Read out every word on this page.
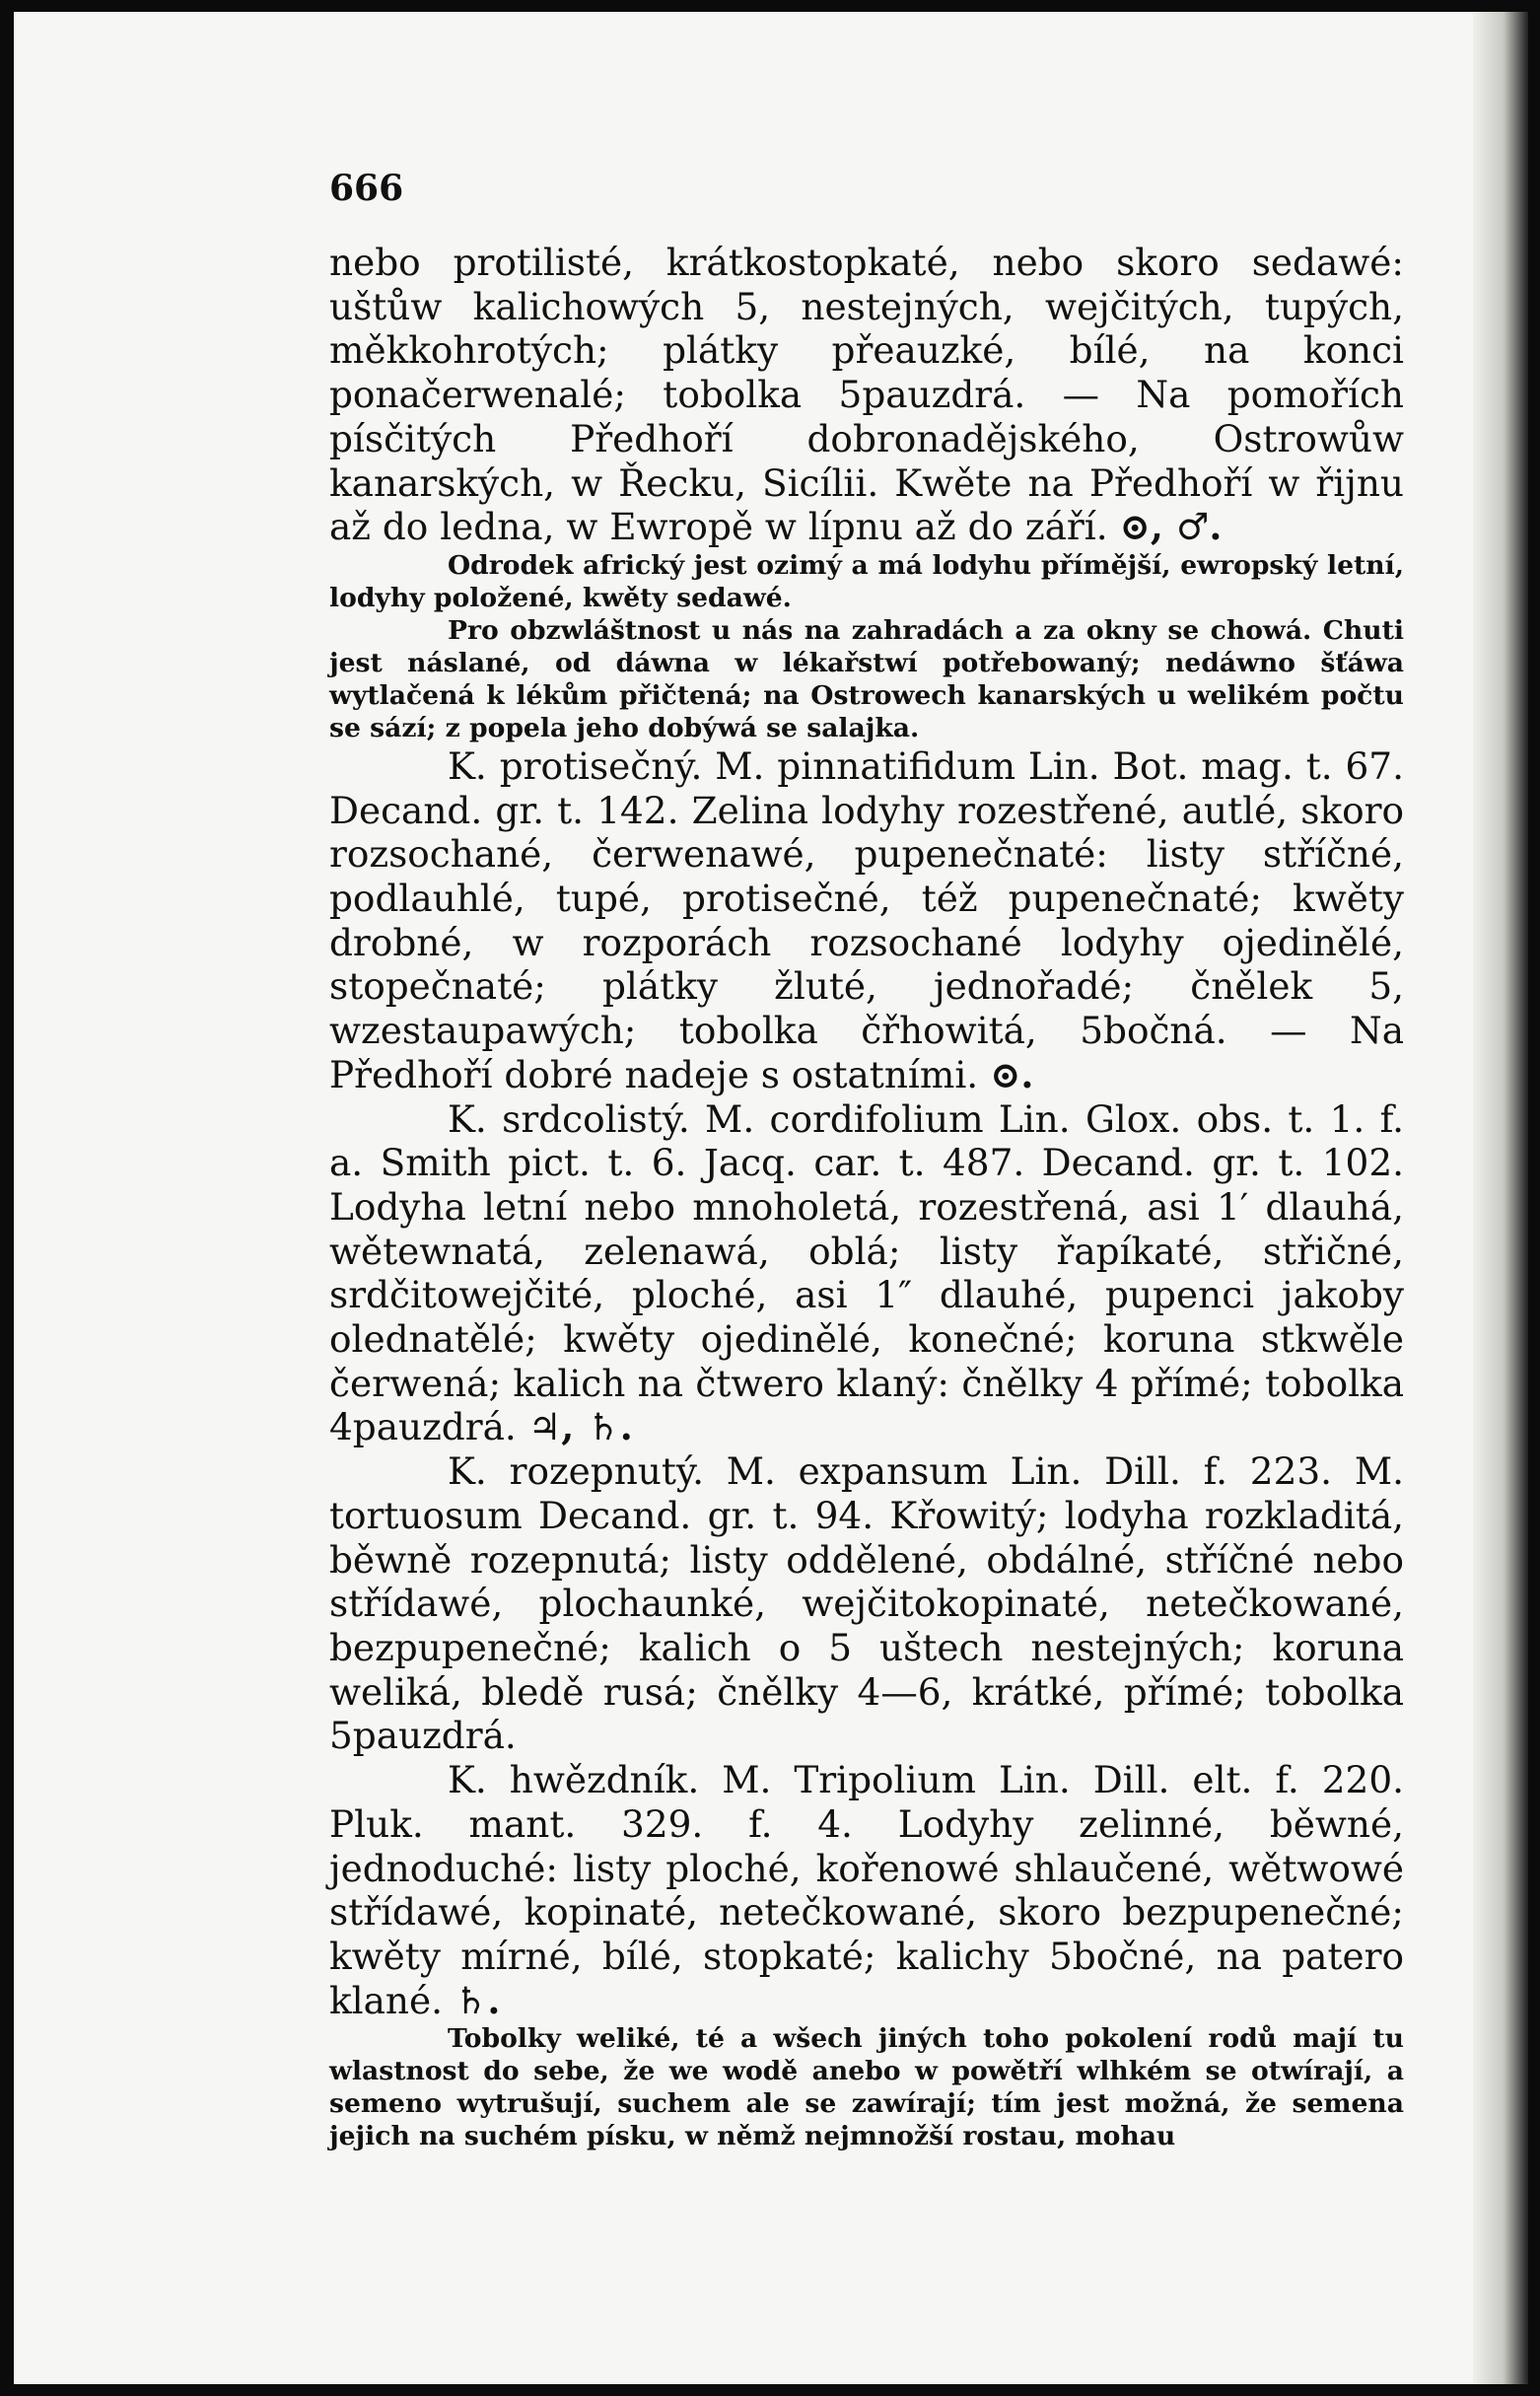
666

nebo protilisté, krátkostopkaté, nebo skoro sedawé: uštůw kalichowých 5, nestejných, wejčitých, tupých, měkkohrotých; plátky přeauzké, bílé, na konci ponačerwenalé; tobolka 5pauzdrá. — Na pomořích písčitých Předhoří dobronadějského, Ostrowůw kanarských, w Řecku, Sicílii. Kwěte na Předhoří w řijnu až do ledna, w Ewropě w lípnu až do září. ⊙, ♂.

Odrodek africký jest ozimý a má lodyhu přímější, ewropský letní, lodyhy položené, kwěty sedawé.

Pro obzwláštnost u nás na zahradách a za okny se chowá. Chuti jest náslané, od dáwna w lékařstwí potřebowaný; nedáwno šťáwa wytlačená k lékům přičtená; na Ostrowech kanarských u welikém počtu se sází; z popela jeho dobýwá se salajka.

K. protisečný. M. pinnatifidum Lin. Bot. mag. t. 67. Decand. gr. t. 142. Zelina lodyhy rozestřené, autlé, skoro rozsochané, čerwenawé, pupenečnaté: listy stříčné, podlauhlé, tupé, protisečné, též pupenečnaté; kwěty drobné, w rozporách rozsochané lodyhy ojedinělé, stopečnaté; plátky žluté, jednořadé; čnělek 5, wzestaupawých; tobolka čřhowitá, 5bočná. — Na Předhoří dobré nadeje s ostatními. ⊙.

K. srdcolistý. M. cordifolium Lin. Glox. obs. t. 1. f. a. Smith pict. t. 6. Jacq. car. t. 487. Decand. gr. t. 102. Lodyha letní nebo mnoholetá, rozestřená, asi 1′ dlauhá, wětewnatá, zelenawá, oblá; listy řapíkaté, střičné, srdčitowejčité, ploché, asi 1″ dlauhé, pupenci jakoby olednatělé; kwěty ojedinělé, konečné; koruna stkwěle čerwená; kalich na čtwero klaný: čnělky 4 přímé; tobolka 4pauzdrá. ♃, ♄.

K. rozepnutý. M. expansum Lin. Dill. f. 223. M. tortuosum Decand. gr. t. 94. Křowitý; lodyha rozkladitá, běwně rozepnutá; listy oddělené, obdálné, stříčné nebo střídawé, plochaunké, wejčitokopinaté, netečkowané, bezpupenečné; kalich o 5 uštech nestejných; koruna weliká, bledě rusá; čnělky 4—6, krátké, přímé; tobolka 5pauzdrá.

K. hwězdník. M. Tripolium Lin. Dill. elt. f. 220. Pluk. mant. 329. f. 4. Lodyhy zelinné, běwné, jednoduché: listy ploché, kořenowé shlaučené, wětwowé střídawé, kopinaté, netečkowané, skoro bezpupenečné; kwěty mírné, bílé, stopkaté; kalichy 5bočné, na patero klané. ♄.

Tobolky weliké, té a wšech jiných toho pokolení rodů mají tu wlastnost do sebe, že we wodě anebo w powětří wlhkém se otwírají, a semeno wytrušují, suchem ale se zawírají; tím jest možná, že semena jejich na suchém písku, w němž nejmnožší rostau, mohau
